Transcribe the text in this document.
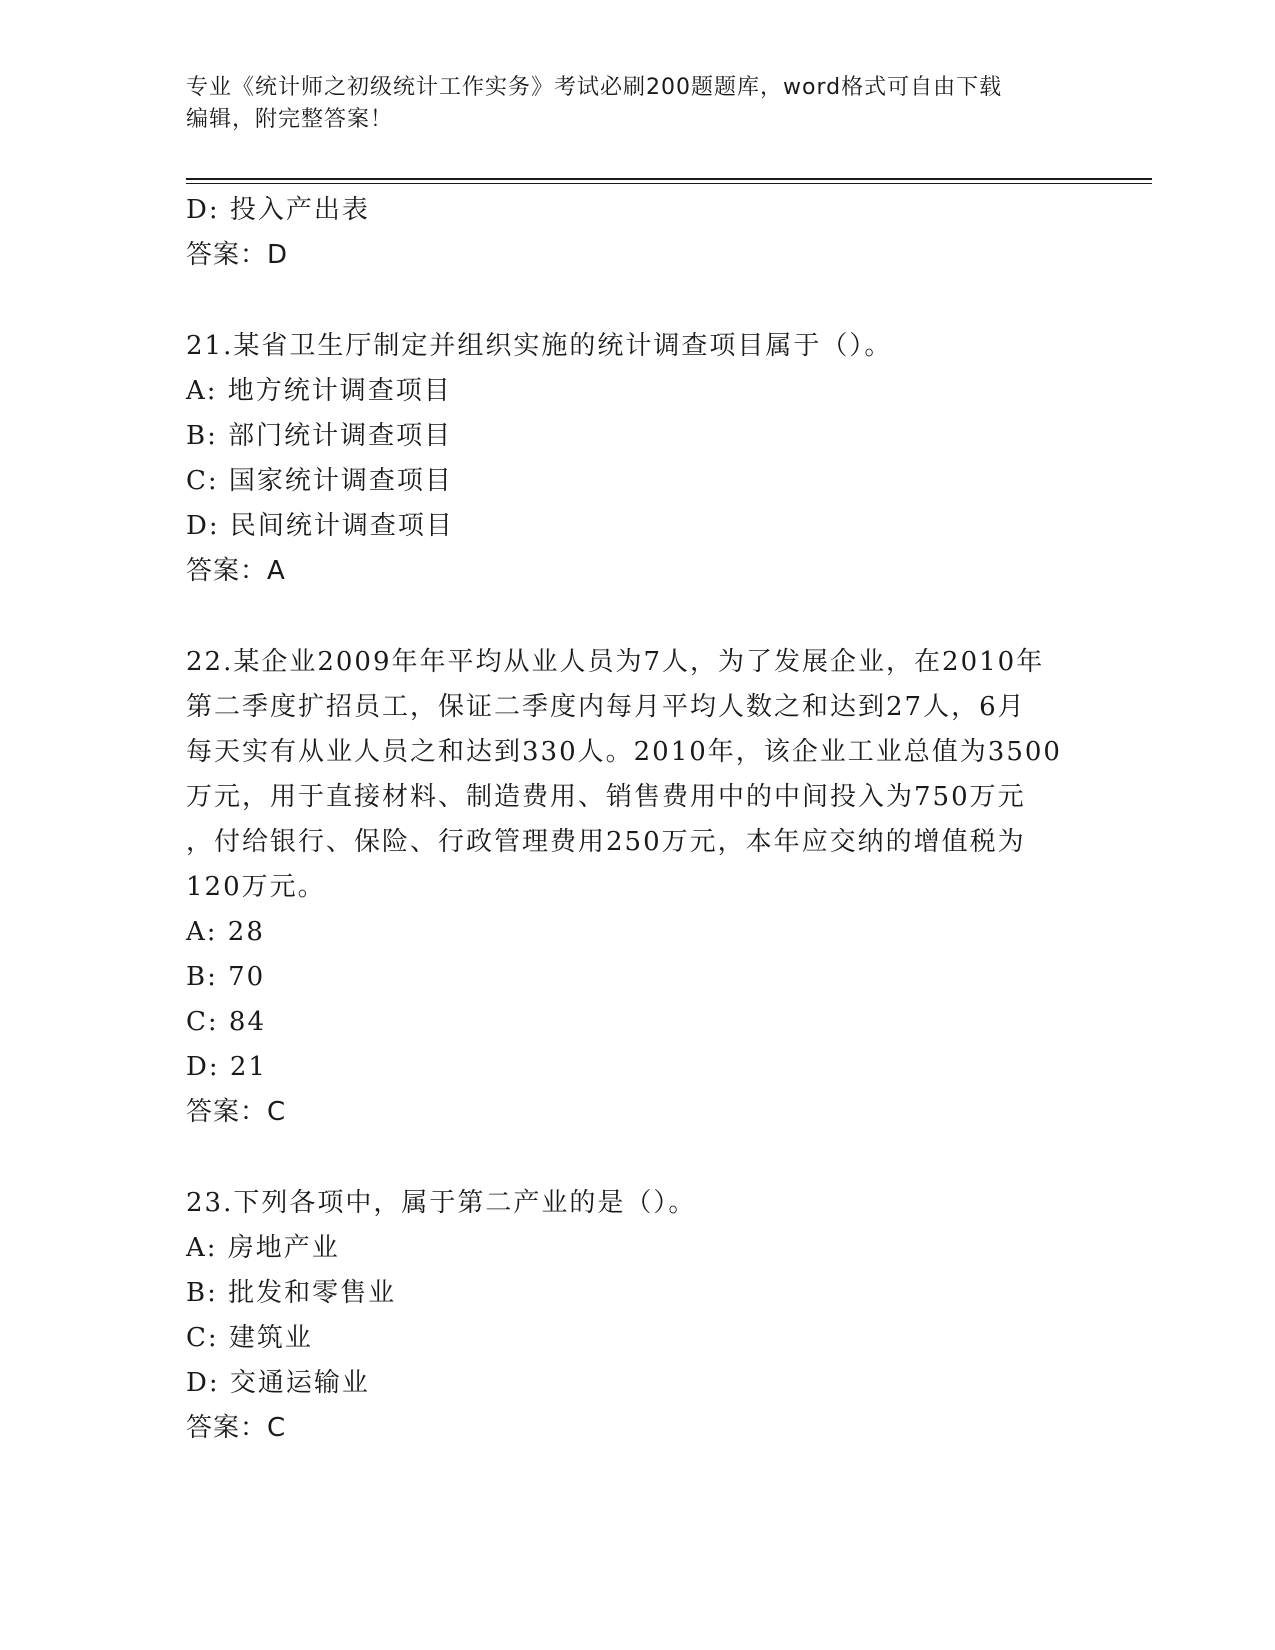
专业《统计师之初级统计工作实务》考试必刷200题题库，word格式可自由下载
编辑，附完整答案！
D: 投入产出表
答案：D
21.某省卫生厅制定并组织实施的统计调查项目属于（）。
A: 地方统计调查项目
B: 部门统计调查项目
C: 国家统计调查项目
D: 民间统计调查项目
答案：A
22.某企业2009年年平均从业人员为7人，为了发展企业，在2010年
第二季度扩招员工，保证二季度内每月平均人数之和达到27人，6月
每天实有从业人员之和达到330人。2010年，该企业工业总值为3500
万元，用于直接材料、制造费用、销售费用中的中间投入为750万元
，付给银行、保险、行政管理费用250万元，本年应交纳的增值税为
120万元。
A: 28
B: 70
C: 84
D: 21
答案：C
23.下列各项中，属于第二产业的是（）。
A: 房地产业
B: 批发和零售业
C: 建筑业
D: 交通运输业
答案：C
